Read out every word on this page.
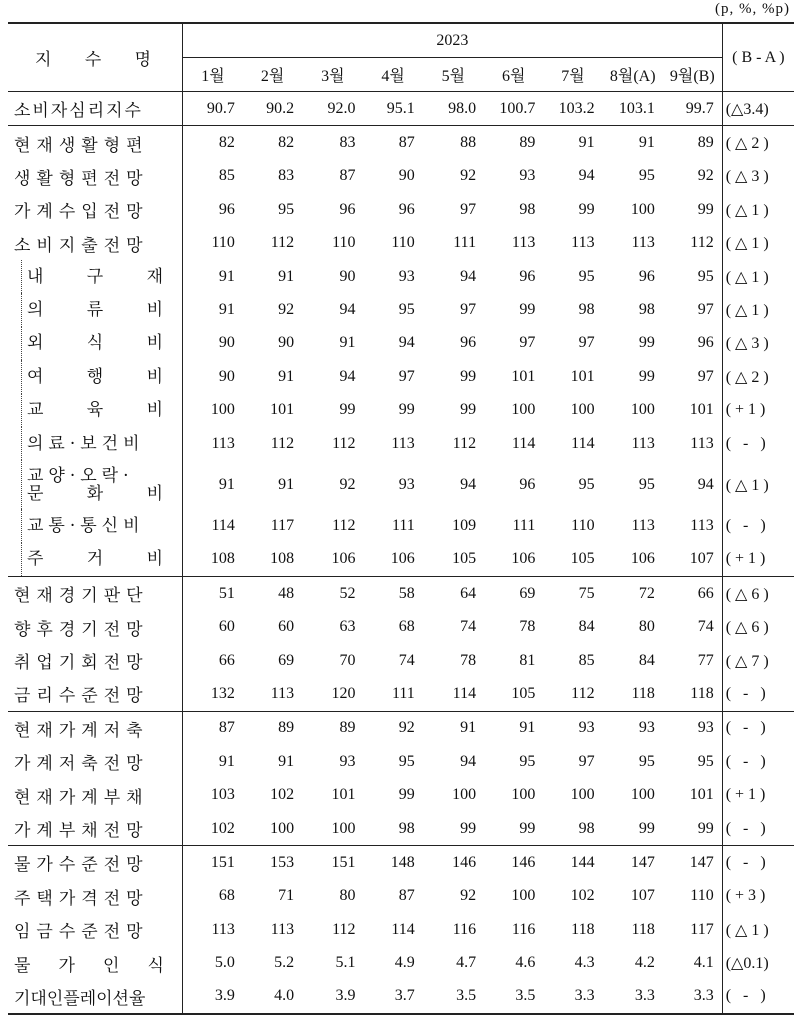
(p, %, %p)
지 수 명	2023									( B - A )
	1월	2월	3월	4월	5월	6월	7월	8월(A)	9월(B)	
소비자심리지수	90.7	90.2	92.0	95.1	98.0	100.7	103.2	103.1	99.7	(△3.4)
현재생활형편	82	82	83	87	88	89	91	91	89	( △ 2 )
생활형편전망	85	83	87	90	92	93	94	95	92	( △ 3 )
가계수입전망	96	95	96	96	97	98	99	100	99	( △ 1 )
소비지출전망	110	112	110	110	111	113	113	113	112	( △ 1 )

내 구 재	91	91	90	93	94	96	95	96	95	( △ 1 )

의 류 비	91	92	94	95	97	99	98	98	97	( △ 1 )

외 식 비	90	90	91	94	96	97	97	99	96	( △ 3 )

여 행 비	90	91	94	97	99	101	101	99	97	( △ 2 )

교 육 비	100	101	99	99	99	100	100	100	101	( + 1 )

의료·보건비	113	112	112	113	112	114	114	113	113	(   -   )

교양·오락·
문 화 비	91	91	92	93	94	96	95	95	94	( △ 1 )

교통·통신비	114	117	112	111	109	111	110	113	113	(   -   )

주 거 비	108	108	106	106	105	106	105	106	107	( + 1 )
현재경기판단	51	48	52	58	64	69	75	72	66	( △ 6 )
향후경기전망	60	60	63	68	74	78	84	80	74	( △ 6 )
취업기회전망	66	69	70	74	78	81	85	84	77	( △ 7 )
금리수준전망	132	113	120	111	114	105	112	118	118	(   -   )
현재가계저축	87	89	89	92	91	91	93	93	93	(   -   )
가계저축전망	91	91	93	95	94	95	97	95	95	(   -   )
현재가계부채	103	102	101	99	100	100	100	100	101	( + 1 )
가계부채전망	102	100	100	98	99	99	98	99	99	(   -   )
물가수준전망	151	153	151	148	146	146	144	147	147	(   -   )
주택가격전망	68	71	80	87	92	100	102	107	110	( + 3 )
임금수준전망	113	113	112	114	116	116	118	118	117	( △ 1 )

물 가 인 식	5.0	5.2	5.1	4.9	4.7	4.6	4.3	4.2	4.1	(△0.1)
기대인플레이션율	3.9	4.0	3.9	3.7	3.5	3.5	3.3	3.3	3.3	(   -   )
